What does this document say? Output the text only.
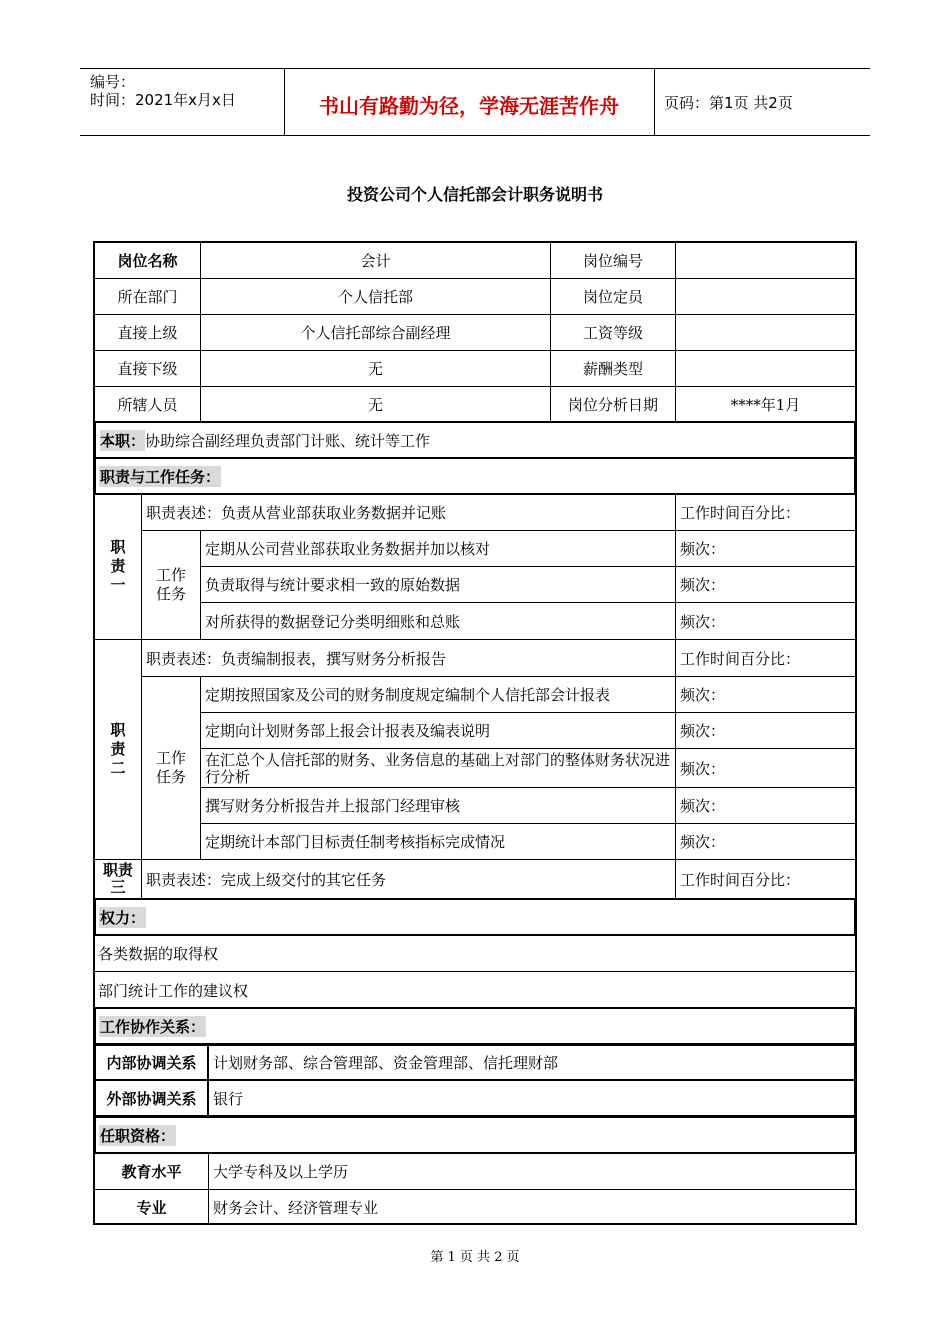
编号：
时间：2021年x月x日	书山有路勤为径，学海无涯苦作舟	页码：第1页 共2页
投资公司个人信托部会计职务说明书
岗位名称	会计	岗位编号
所在部门	个人信托部	岗位定员
直接上级	个人信托部综合副经理	工资等级
直接下级	无	薪酬类型
所辖人员	无	岗位分析日期	****年1月
本职： 协助综合副经理负责部门计账、统计等工作
职责与工作任务：
职
责
一
职责表述：负责从营业部获取业务数据并记账	工作时间百分比：
工作
任务
定期从公司营业部获取业务数据并加以核对	频次：
负责取得与统计要求相一致的原始数据	频次：
对所获得的数据登记分类明细账和总账	频次：
职
责
二
职责表述：负责编制报表，撰写财务分析报告	工作时间百分比：
工作
任务
定期按照国家及公司的财务制度规定编制个人信托部会计报表	频次：
定期向计划财务部上报会计报表及编表说明	频次：
在汇总个人信托部的财务、业务信息的基础上对部门的整体财务状况进行分析	频次：
撰写财务分析报告并上报部门经理审核	频次：
定期统计本部门目标责任制考核指标完成情况	频次：
职责
三	职责表述：完成上级交付的其它任务	工作时间百分比：
权力：
各类数据的取得权
部门统计工作的建议权
工作协作关系：
内部协调关系	计划财务部、综合管理部、资金管理部、信托理财部
外部协调关系	银行
任职资格：
教育水平	大学专科及以上学历
专业	财务会计、经济管理专业
第 1 页 共 2 页
